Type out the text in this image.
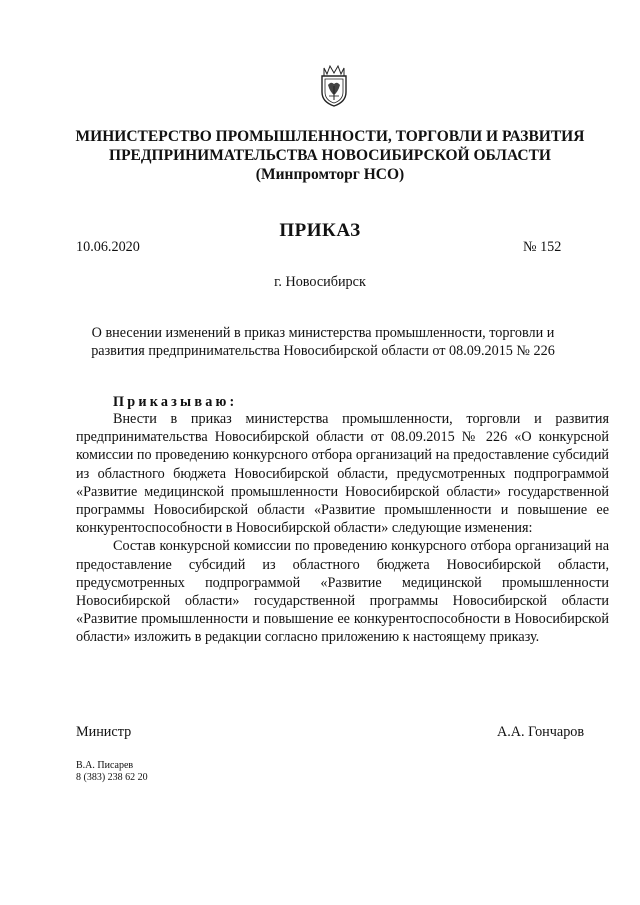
МИНИСТЕРСТВО ПРОМЫШЛЕННОСТИ, ТОРГОВЛИ И РАЗВИТИЯ
ПРЕДПРИНИМАТЕЛЬСТВА НОВОСИБИРСКОЙ ОБЛАСТИ
(Минпромторг НСО)
ПРИКАЗ
10.06.2020	№ 152
г. Новосибирск
О внесении изменений в приказ министерства промышленности, торговли и развития предпринимательства Новосибирской области от 08.09.2015 № 226
Приказываю:

Внести в приказ министерства промышленности, торговли и развития предпринимательства Новосибирской области от 08.09.2015 № 226 «О конкурсной комиссии по проведению конкурсного отбора организаций на предоставление субсидий из областного бюджета Новосибирской области, предусмотренных подпрограммой «Развитие медицинской промышленности Новосибирской области» государственной программы Новосибирской области «Развитие промышленности и повышение ее конкурентоспособности в Новосибирской области» следующие изменения:

Состав конкурсной комиссии по проведению конкурсного отбора организаций на предоставление субсидий из областного бюджета Новосибирской области, предусмотренных подпрограммой «Развитие медицинской промышленности Новосибирской области» государственной программы Новосибирской области «Развитие промышленности и повышение ее конкурентоспособности в Новосибирской области» изложить в редакции согласно приложению к настоящему приказу.

Министр	А.А. Гончаров
В.А. Писарев
8 (383) 238 62 20
